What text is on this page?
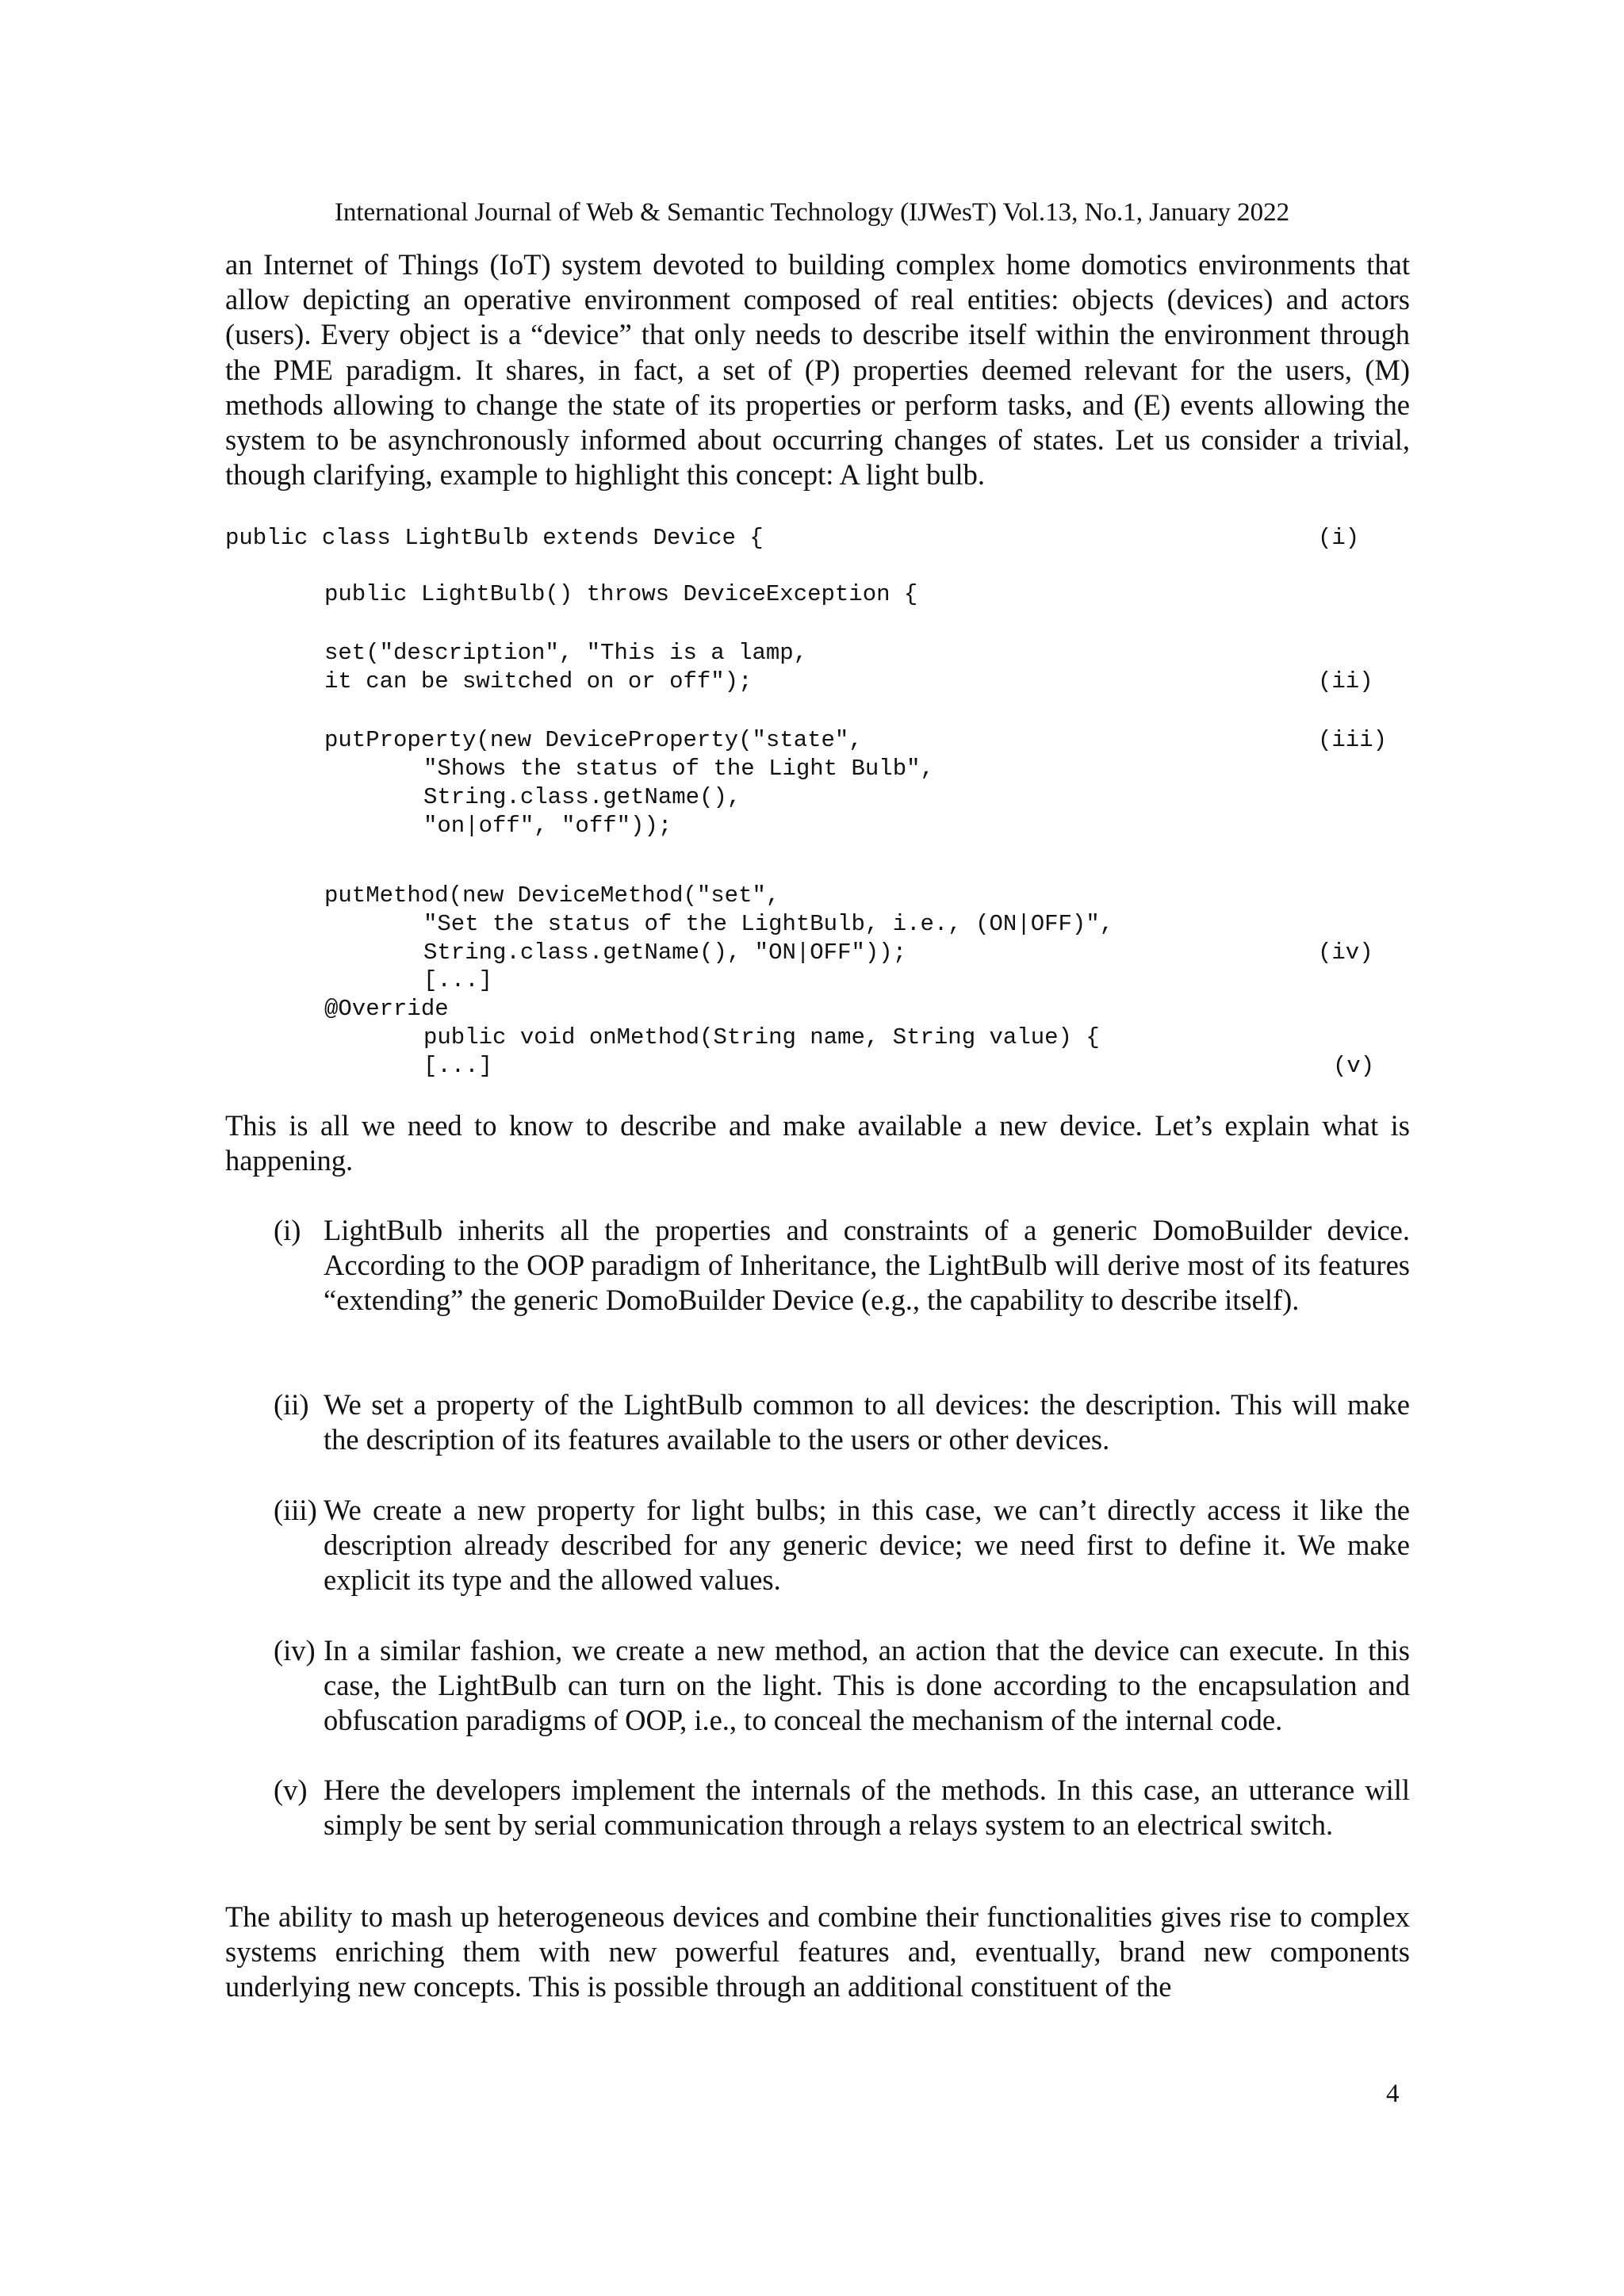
International Journal of Web & Semantic Technology (IJWesT) Vol.13, No.1, January 2022

an Internet of Things (IoT) system devoted to building complex home domotics environments that allow depicting an operative environment composed of real entities: objects (devices) and actors (users). Every object is a “device” that only needs to describe itself within the environment through the PME paradigm. It shares, in fact, a set of (P) properties deemed relevant for the users, (M) methods allowing to change the state of its properties or perform tasks, and (E) events allowing the system to be asynchronously informed about occurring changes of states. Let us consider a trivial, though clarifying, example to highlight this concept: A light bulb.

public class LightBulb extends Device {
public LightBulb() throws DeviceException {
set("description", "This is a lamp,
it can be switched on or off");
putProperty(new DeviceProperty("state",
"Shows the status of the Light Bulb",
String.class.getName(),
"on|off", "off"));
putMethod(new DeviceMethod("set",
"Set the status of the LightBulb, i.e., (ON|OFF)",
String.class.getName(), "ON|OFF"));
[...]
@Override
public void onMethod(String name, String value) {
[...]
(i)
(ii)
(iii)
(iv)
(v)

This is all we need to know to describe and make available a new device. Let’s explain what is happening.

(i) LightBulb inherits all the properties and constraints of a generic DomoBuilder device. According to the OOP paradigm of Inheritance, the LightBulb will derive most of its features “extending” the generic DomoBuilder Device (e.g., the capability to describe itself).

(ii) We set a property of the LightBulb common to all devices: the description. This will make the description of its features available to the users or other devices.

(iii) We create a new property for light bulbs; in this case, we can’t directly access it like the description already described for any generic device; we need first to define it. We make explicit its type and the allowed values.

(iv) In a similar fashion, we create a new method, an action that the device can execute. In this case, the LightBulb can turn on the light. This is done according to the encapsulation and obfuscation paradigms of OOP, i.e., to conceal the mechanism of the internal code.

(v) Here the developers implement the internals of the methods. In this case, an utterance will simply be sent by serial communication through a relays system to an electrical switch.

The ability to mash up heterogeneous devices and combine their functionalities gives rise to complex systems enriching them with new powerful features and, eventually, brand new components underlying new concepts. This is possible through an additional constituent of the

4
